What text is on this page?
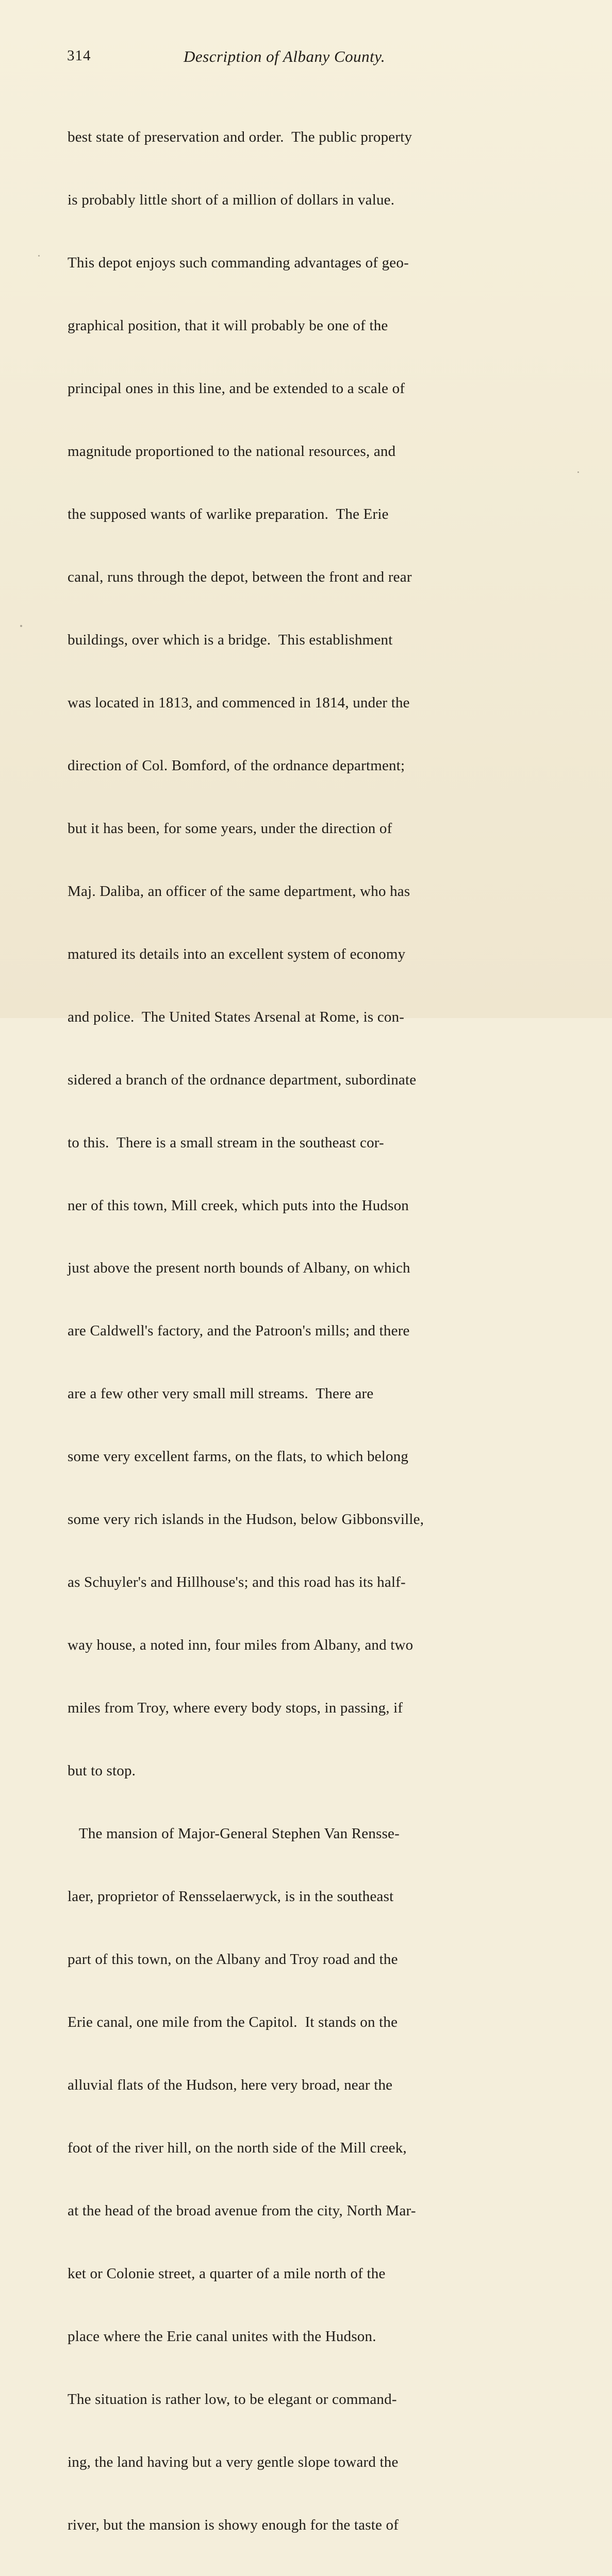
314	Description of Albany County.

best state of preservation and order.  The public property

is probably little short of a million of dollars in value.

This depot enjoys such commanding advantages of geo-

graphical position, that it will probably be one of the

principal ones in this line, and be extended to a scale of

magnitude proportioned to the national resources, and

the supposed wants of warlike preparation.  The Erie

canal, runs through the depot, between the front and rear

buildings, over which is a bridge.  This establishment

was located in 1813, and commenced in 1814, under the

direction of Col. Bomford, of the ordnance department;

but it has been, for some years, under the direction of

Maj. Daliba, an officer of the same department, who has

matured its details into an excellent system of economy

and police.  The United States Arsenal at Rome, is con-

sidered a branch of the ordnance department, subordinate

to this.  There is a small stream in the southeast cor-

ner of this town, Mill creek, which puts into the Hudson

just above the present north bounds of Albany, on which

are Caldwell's factory, and the Patroon's mills; and there

are a few other very small mill streams.  There are

some very excellent farms, on the flats, to which belong

some very rich islands in the Hudson, below Gibbonsville,

as Schuyler's and Hillhouse's; and this road has its half-

way house, a noted inn, four miles from Albany, and two

miles from Troy, where every body stops, in passing, if

but to stop.

The mansion of Major-General Stephen Van Rensse-

laer, proprietor of Rensselaerwyck, is in the southeast

part of this town, on the Albany and Troy road and the

Erie canal, one mile from the Capitol.  It stands on the

alluvial flats of the Hudson, here very broad, near the

foot of the river hill, on the north side of the Mill creek,

at the head of the broad avenue from the city, North Mar-

ket or Colonie street, a quarter of a mile north of the

place where the Erie canal unites with the Hudson.

The situation is rather low, to be elegant or command-

ing, the land having but a very gentle slope toward the

river, but the mansion is showy enough for the taste of
